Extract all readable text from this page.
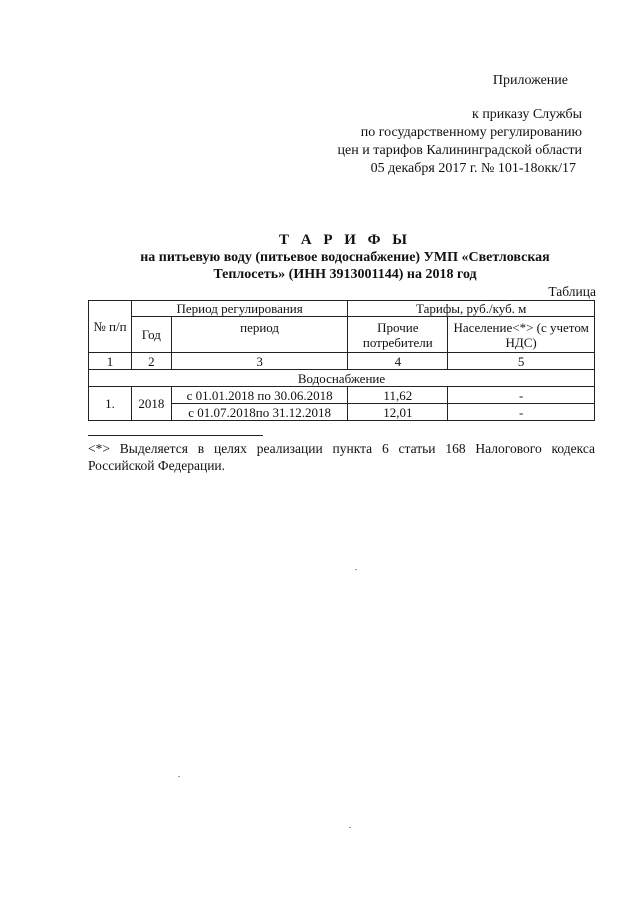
Приложение
к приказу Службы
по государственному регулированию
цен и тарифов Калининградской области
05 декабря 2017 г. № 101-18окк/17
Т А Р И Ф Ы
на питьевую воду (питьевое водоснабжение) УМП «Светловская
Теплосеть» (ИНН 3913001144) на 2018 год
Таблица
№ п/п	Период регулирования		Тарифы, руб./куб. м	
	Год	период	Прочие потребители	Население<*> (с учетом НДС)
1	2	3	4	5
Водоснабжение				
1.	2018	с 01.01.2018 по 30.06.2018	11,62	-
		с 01.07.2018по 31.12.2018	12,01	-
<*> Выделяется в целях реализации пункта 6 статьи 168 Налогового кодекса Российской Федерации.
